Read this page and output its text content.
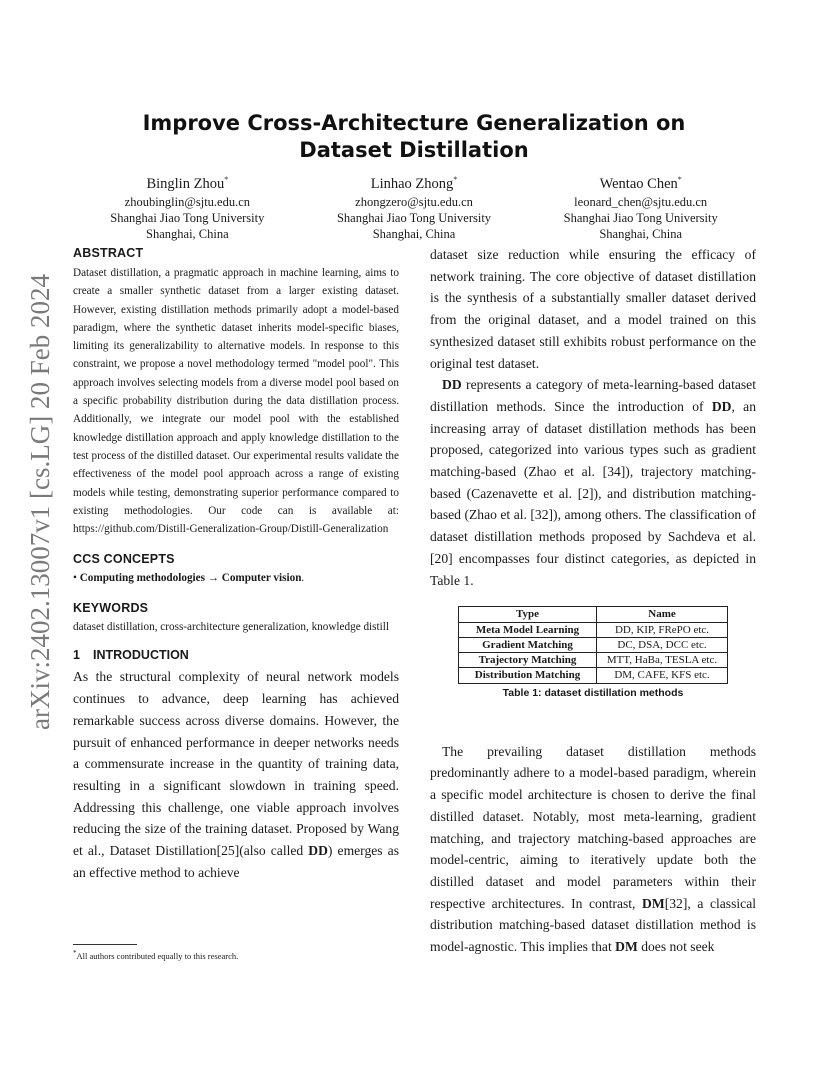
arXiv:2402.13007v1 [cs.LG] 20 Feb 2024
Improve Cross-Architecture Generalization on Dataset Distillation
Binglin Zhou*
zhoubinglin@sjtu.edu.cn
Shanghai Jiao Tong University
Shanghai, China
Linhao Zhong*
zhongzero@sjtu.edu.cn
Shanghai Jiao Tong University
Shanghai, China
Wentao Chen*
leonard_chen@sjtu.edu.cn
Shanghai Jiao Tong University
Shanghai, China
ABSTRACT

Dataset distillation, a pragmatic approach in machine learning, aims to create a smaller synthetic dataset from a larger existing dataset. However, existing distillation methods primarily adopt a model-based paradigm, where the synthetic dataset inherits model-specific biases, limiting its generalizability to alternative models. In response to this constraint, we propose a novel methodology termed "model pool". This approach involves selecting models from a diverse model pool based on a specific probability distribution during the data distillation process. Additionally, we integrate our model pool with the established knowledge distillation approach and apply knowledge distillation to the test process of the distilled dataset. Our experimental results validate the effectiveness of the model pool approach across a range of existing models while testing, demonstrating superior performance compared to existing methodologies. Our code can is available at: https://github.com/Distill-Generalization-Group/Distill-Generalization

CCS CONCEPTS

• Computing methodologies → Computer vision.

KEYWORDS

dataset distillation, cross-architecture generalization, knowledge distill

1 INTRODUCTION

As the structural complexity of neural network models continues to advance, deep learning has achieved remarkable success across diverse domains. However, the pursuit of enhanced performance in deeper networks needs a commensurate increase in the quantity of training data, resulting in a significant slowdown in training speed. Addressing this challenge, one viable approach involves reducing the size of the training dataset. Proposed by Wang et al., Dataset Distillation[25](also called DD) emerges as an effective method to achieve

*All authors contributed equally to this research.

dataset size reduction while ensuring the efficacy of network training. The core objective of dataset distillation is the synthesis of a substantially smaller dataset derived from the original dataset, and a model trained on this synthesized dataset still exhibits robust performance on the original test dataset.

DD represents a category of meta-learning-based dataset distillation methods. Since the introduction of DD, an increasing array of dataset distillation methods has been proposed, categorized into various types such as gradient matching-based (Zhao et al. [34]), trajectory matching-based (Cazenavette et al. [2]), and distribution matching-based (Zhao et al. [32]), among others. The classification of dataset distillation methods proposed by Sachdeva et al. [20] encompasses four distinct categories, as depicted in Table 1.

Type	Name
Meta Model Learning	DD, KIP, FRePO etc.
Gradient Matching	DC, DSA, DCC etc.
Trajectory Matching	MTT, HaBa, TESLA etc.
Distribution Matching	DM, CAFE, KFS etc.
Table 1: dataset distillation methods

The prevailing dataset distillation methods predominantly adhere to a model-based paradigm, wherein a specific model architecture is chosen to derive the final distilled dataset. Notably, most meta-learning, gradient matching, and trajectory matching-based approaches are model-centric, aiming to iteratively update both the distilled dataset and model parameters within their respective architectures. In contrast, DM[32], a classical distribution matching-based dataset distillation method is model-agnostic. This implies that DM does not seek
